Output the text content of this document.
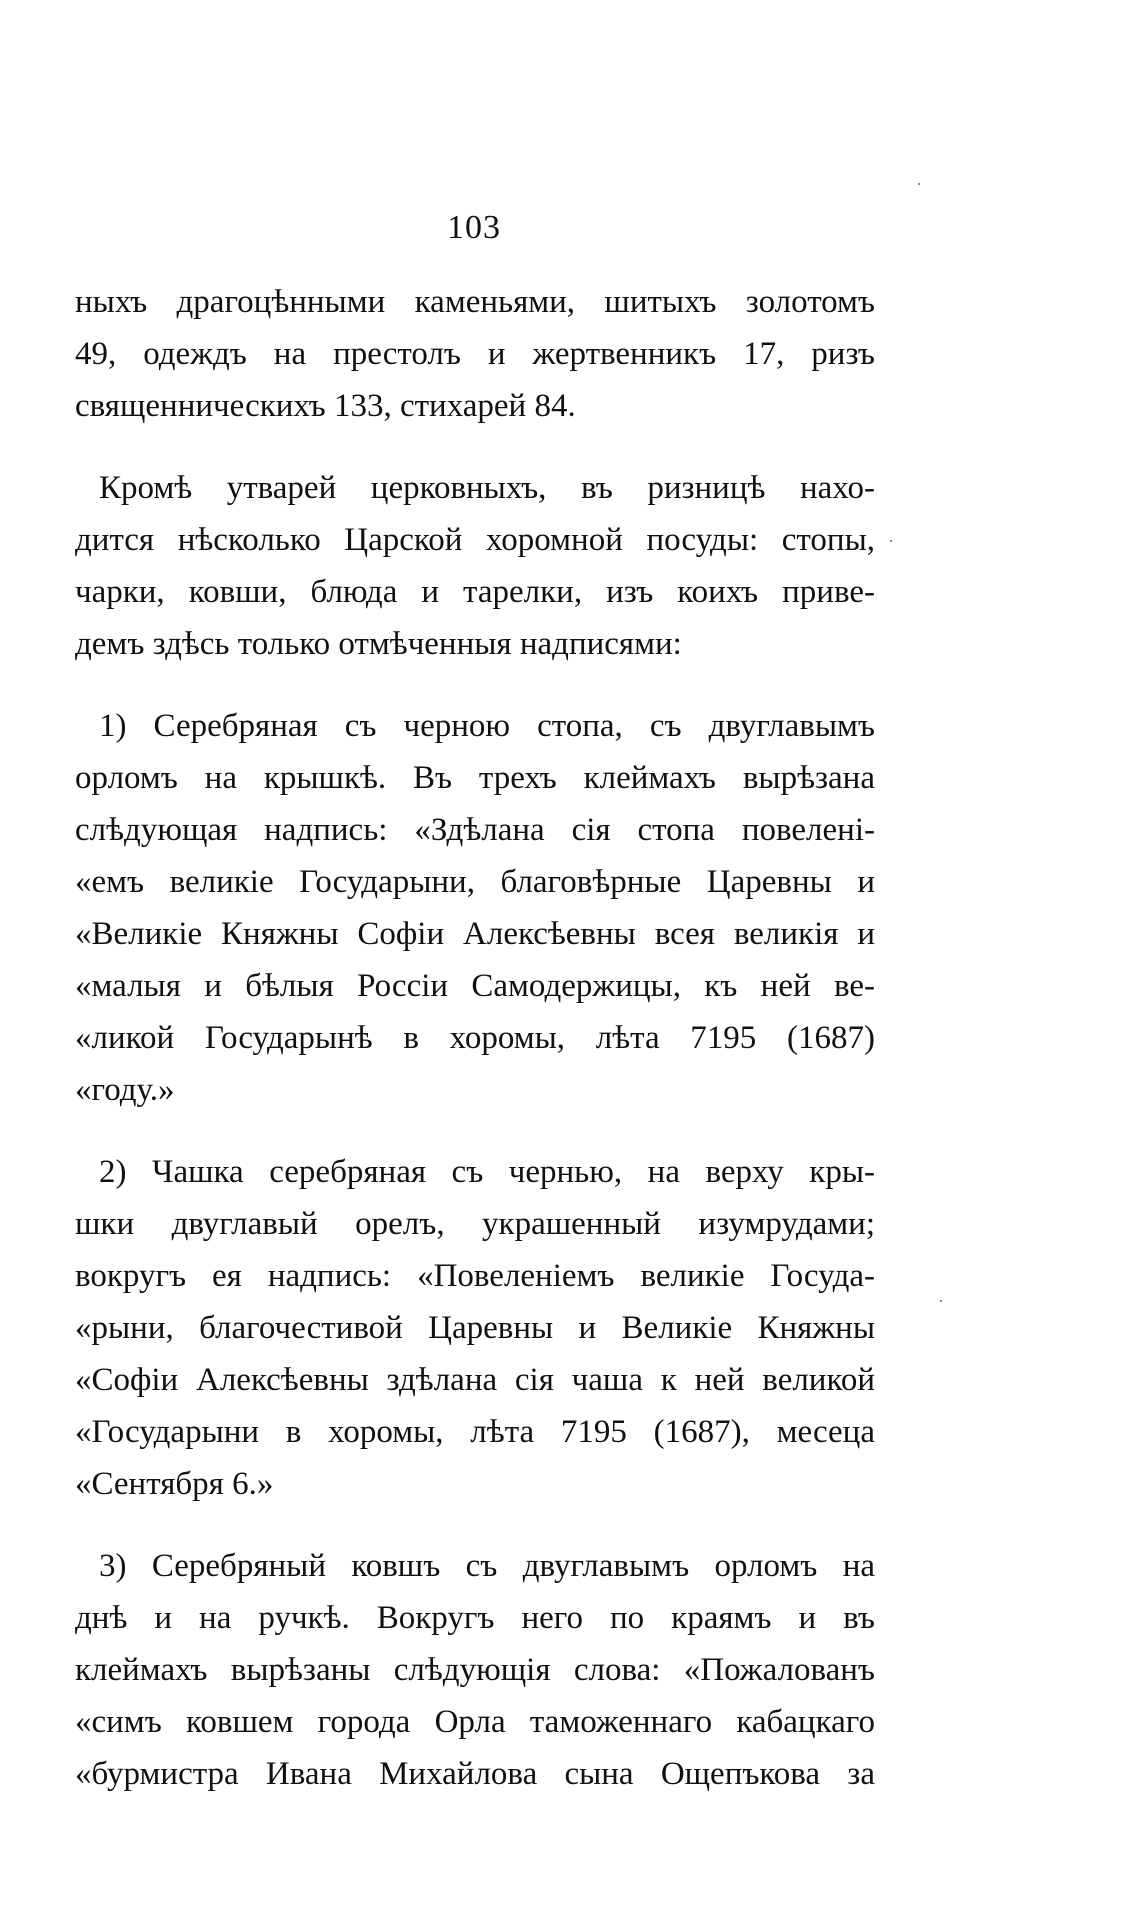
103
ныхъ драгоцѣнными каменьями, шитыхъ золотомъ
49, одеждъ на престолъ и жертвенникъ 17, ризъ
священническихъ 133, стихарей 84.
Кромѣ утварей церковныхъ, въ ризницѣ нахо-
дится нѣсколько Царской хоромной посуды: стопы,
чарки, ковши, блюда и тарелки, изъ коихъ приве-
демъ здѣсь только отмѣченныя надписями:
1) Серебряная съ черною стопа, съ двуглавымъ
орломъ на крышкѣ. Въ трехъ клеймахъ вырѣзана
слѣдующая надпись: «Здѣлана сія стопа повелені-
«емъ великіе Государыни, благовѣрные Царевны и
«Великіе Княжны Софіи Алексѣевны всея великія и
«малыя и бѣлыя Россіи Самодержицы, къ ней ве-
«ликой Государынѣ в хоромы, лѣта 7195 (1687)
«году.»
2) Чашка серебряная съ чернью, на верху кры-
шки двуглавый орелъ, украшенный изумрудами;
вокругъ ея надпись: «Повеленіемъ великіе Госуда-
«рыни, благочестивой Царевны и Великіе Княжны
«Софіи Алексѣевны здѣлана сія чаша к ней великой
«Государыни в хоромы, лѣта 7195 (1687), месеца
«Сентября 6.»
3) Серебряный ковшъ съ двуглавымъ орломъ на
днѣ и на ручкѣ. Вокругъ него по краямъ и въ
клеймахъ вырѣзаны слѣдующія слова: «Пожалованъ
«симъ ковшем города Орла таможеннаго кабацкаго
«бурмистра Ивана Михайлова сына Ощепъкова за
